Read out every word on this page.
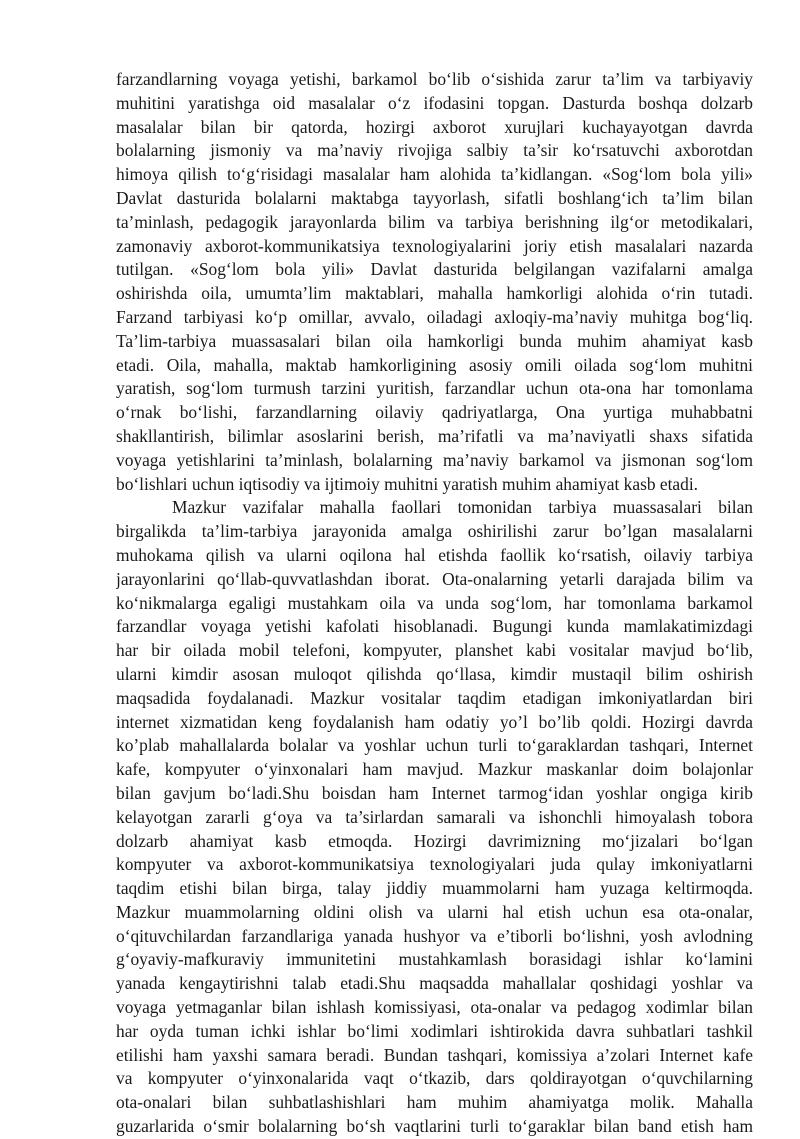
farzandlarning voyaga yetishi, barkamol bo‘lib o‘sishida zarur ta’lim va tarbiyaviy
muhitini yaratishga oid masalalar o‘z ifodasini topgan. Dasturda boshqa dolzarb
masalalar bilan bir qatorda, hozirgi axborot xurujlari kuchayayotgan davrda
bolalarning jismoniy va ma’naviy rivojiga salbiy ta’sir ko‘rsatuvchi axborotdan
himoya qilish to‘g‘risidagi masalalar ham alohida ta’kidlangan. «Sog‘lom bola yili»
Davlat dasturida bolalarni maktabga tayyorlash, sifatli boshlang‘ich ta’lim bilan
ta’minlash, pedagogik jarayonlarda bilim va tarbiya berishning ilg‘or metodikalari,
zamonaviy axborot-kommunikatsiya texnologiyalarini joriy etish masalalari nazarda
tutilgan. «Sog‘lom bola yili» Davlat dasturida belgilangan vazifalarni amalga
oshirishda oila, umumta’lim maktablari, mahalla hamkorligi alohida o‘rin tutadi.
Farzand tarbiyasi ko‘p omillar, avvalo, oiladagi axloqiy-ma’naviy muhitga bog‘liq.
Ta’lim-tarbiya muassasalari bilan oila hamkorligi bunda muhim ahamiyat kasb
etadi. Oila, mahalla, maktab hamkorligining asosiy omili oilada sog‘lom muhitni
yaratish, sog‘lom turmush tarzini yuritish, farzandlar uchun ota-ona har tomonlama
o‘rnak bo‘lishi, farzandlarning oilaviy qadriyatlarga, Ona yurtiga muhabbatni
shakllantirish, bilimlar asoslarini berish, ma’rifatli va ma’naviyatli shaxs sifatida
voyaga yetishlarini ta’minlash, bolalarning ma’naviy barkamol va jismonan sog‘lom
bo‘lishlari uchun iqtisodiy va ijtimoiy muhitni yaratish muhim ahamiyat kasb etadi.
Mazkur vazifalar mahalla faollari tomonidan tarbiya muassasalari bilan
birgalikda ta’lim-tarbiya jarayonida amalga oshirilishi zarur bo’lgan masalalarni
muhokama qilish va ularni oqilona hal etishda faollik ko‘rsatish, oilaviy tarbiya
jarayonlarini qo‘llab-quvvatlashdan iborat. Ota-onalarning yetarli darajada bilim va
ko‘nikmalarga egaligi mustahkam oila va unda sog‘lom, har tomonlama barkamol
farzandlar voyaga yetishi kafolati hisoblanadi. Bugungi kunda mamlakatimizdagi
har bir oilada mobil telefoni, kompyuter, planshet kabi vositalar mavjud bo‘lib,
ularni kimdir asosan muloqot qilishda qo‘llasa, kimdir mustaqil bilim oshirish
maqsadida foydalanadi. Mazkur vositalar taqdim etadigan imkoniyatlardan biri
internet xizmatidan keng foydalanish ham odatiy yo’l bo’lib qoldi. Hozirgi davrda
ko’plab mahallalarda bolalar va yoshlar uchun turli to‘garaklardan tashqari, Internet
kafe, kompyuter o‘yinxonalari ham mavjud. Mazkur maskanlar doim bolajonlar
bilan gavjum bo‘ladi.Shu boisdan ham Internet tarmog‘idan yoshlar ongiga kirib
kelayotgan zararli g‘oya va ta’sirlardan samarali va ishonchli himoyalash tobora
dolzarb ahamiyat kasb etmoqda. Hozirgi davrimizning mo‘jizalari bo‘lgan
kompyuter va axborot-kommunikatsiya texnologiyalari juda qulay imkoniyatlarni
taqdim etishi bilan birga, talay jiddiy muammolarni ham yuzaga keltirmoqda.
Mazkur muammolarning oldini olish va ularni hal etish uchun esa ota-onalar,
o‘qituvchilardan farzandlariga yanada hushyor va e’tiborli bo‘lishni, yosh avlodning
g‘oyaviy-mafkuraviy immunitetini mustahkamlash borasidagi ishlar ko‘lamini
yanada kengaytirishni talab etadi.Shu maqsadda mahallalar qoshidagi yoshlar va
voyaga yetmaganlar bilan ishlash komissiyasi, ota-onalar va pedagog xodimlar bilan
har oyda tuman ichki ishlar bo‘limi xodimlari ishtirokida davra suhbatlari tashkil
etilishi ham yaxshi samara beradi. Bundan tashqari, komissiya a’zolari Internet kafe
va kompyuter o‘yinxonalarida vaqt o‘tkazib, dars qoldirayotgan o‘quvchilarning
ota-onalari bilan suhbatlashishlari ham muhim ahamiyatga molik. Mahalla
guzarlarida o‘smir bolalarning bo‘sh vaqtlarini turli to‘garaklar bilan band etish ham
